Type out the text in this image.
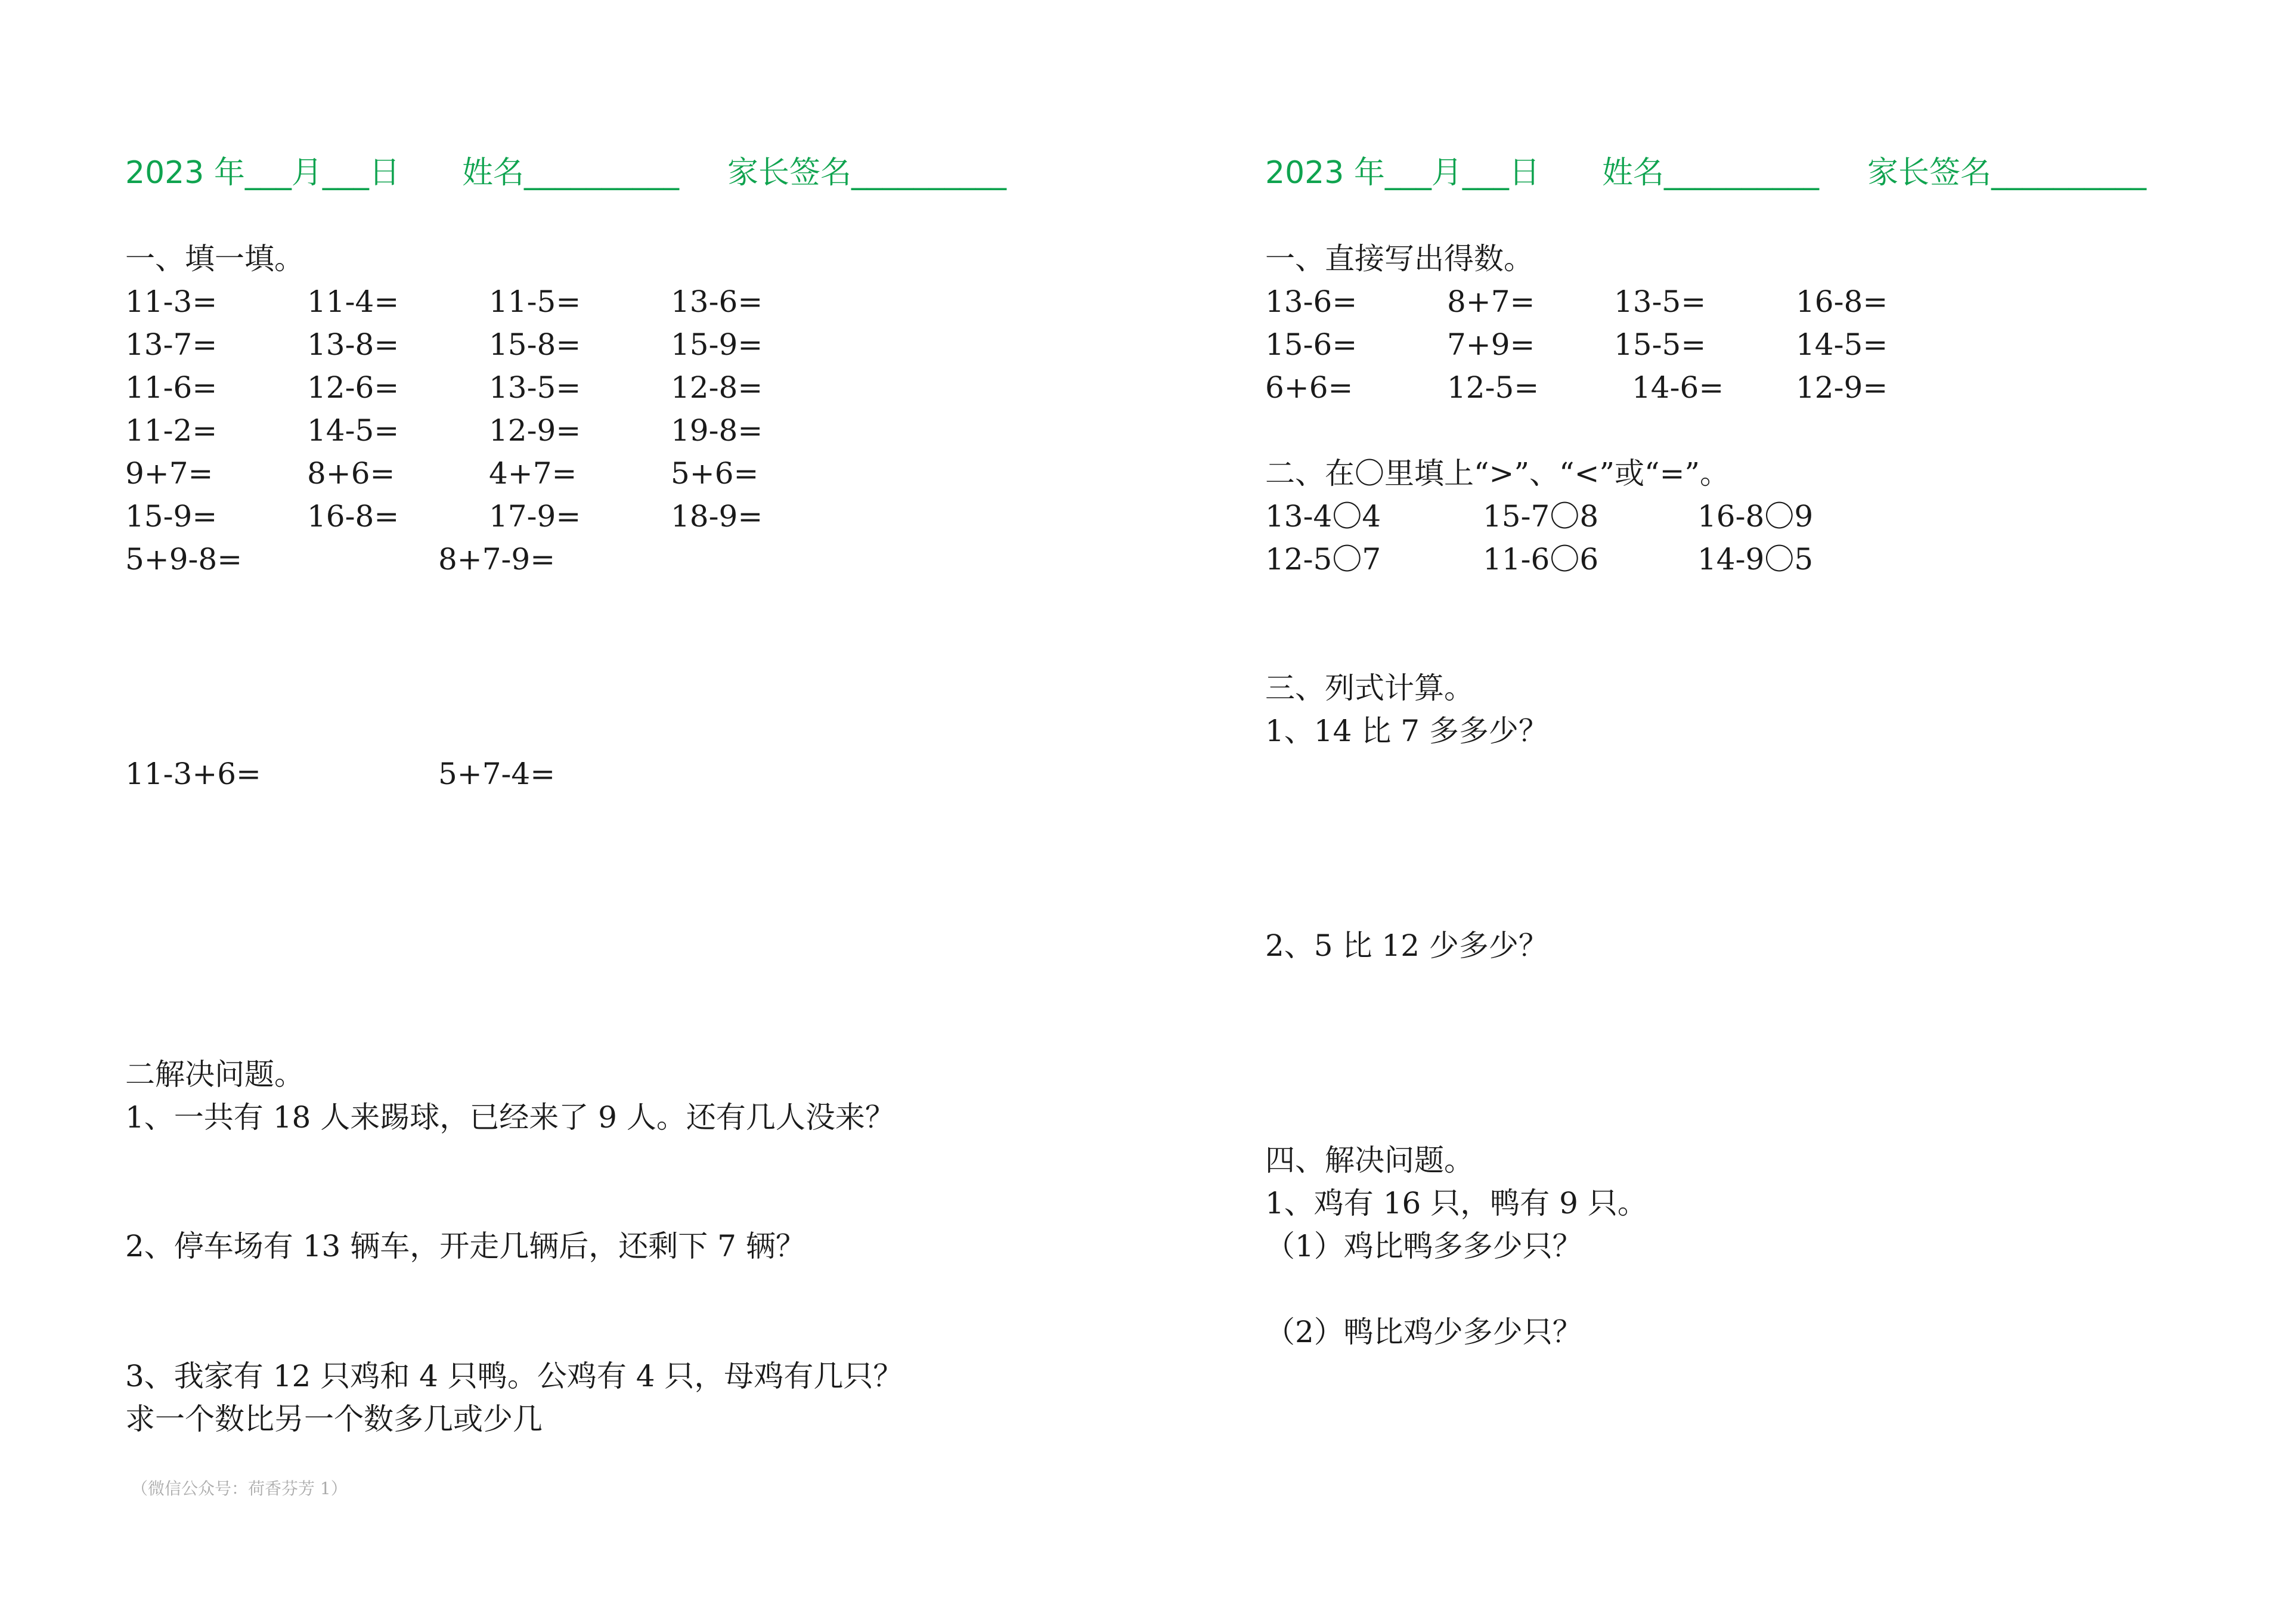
2023 年___月___日 姓名__________ 家长签名__________
一、填一填。
11-3=	11-4=	11-5=	13-6=
13-7=	13-8=	15-8=	15-9=
11-6=	12-6=	13-5=	12-8=
11-2=	14-5=	12-9=	19-8=
9+7=	8+6=	4+7=	5+6=
15-9=	16-8=	17-9=	18-9=
5+9-8=	8+7-9=
11-3+6=	5+7-4=
二解决问题。
1、一共有 18 人来踢球，已经来了 9 人。还有几人没来？
2、停车场有 13 辆车，开走几辆后，还剩下 7 辆？
3、我家有 12 只鸡和 4 只鸭。公鸡有 4 只，母鸡有几只？
求一个数比另一个数多几或少几
（微信公众号：荷香芬芳 1）
2023 年___月___日 姓名__________ 家长签名__________
一、直接写出得数。
13-6=	8+7=	13-5=	16-8=
15-6=	7+9=	15-5=	14-5=
6+6=	12-5=	14-6= 12-9=
二、在〇里填上“>”、“<”或“=”。
13-4〇4	15-7〇8	16-8〇9
12-5〇7	11-6〇6	14-9〇5
三、列式计算。
1、14 比 7 多多少？
2、5 比 12 少多少？
四、解决问题。
1、鸡有 16 只，鸭有 9 只。
（1）鸡比鸭多多少只？
（2）鸭比鸡少多少只？
